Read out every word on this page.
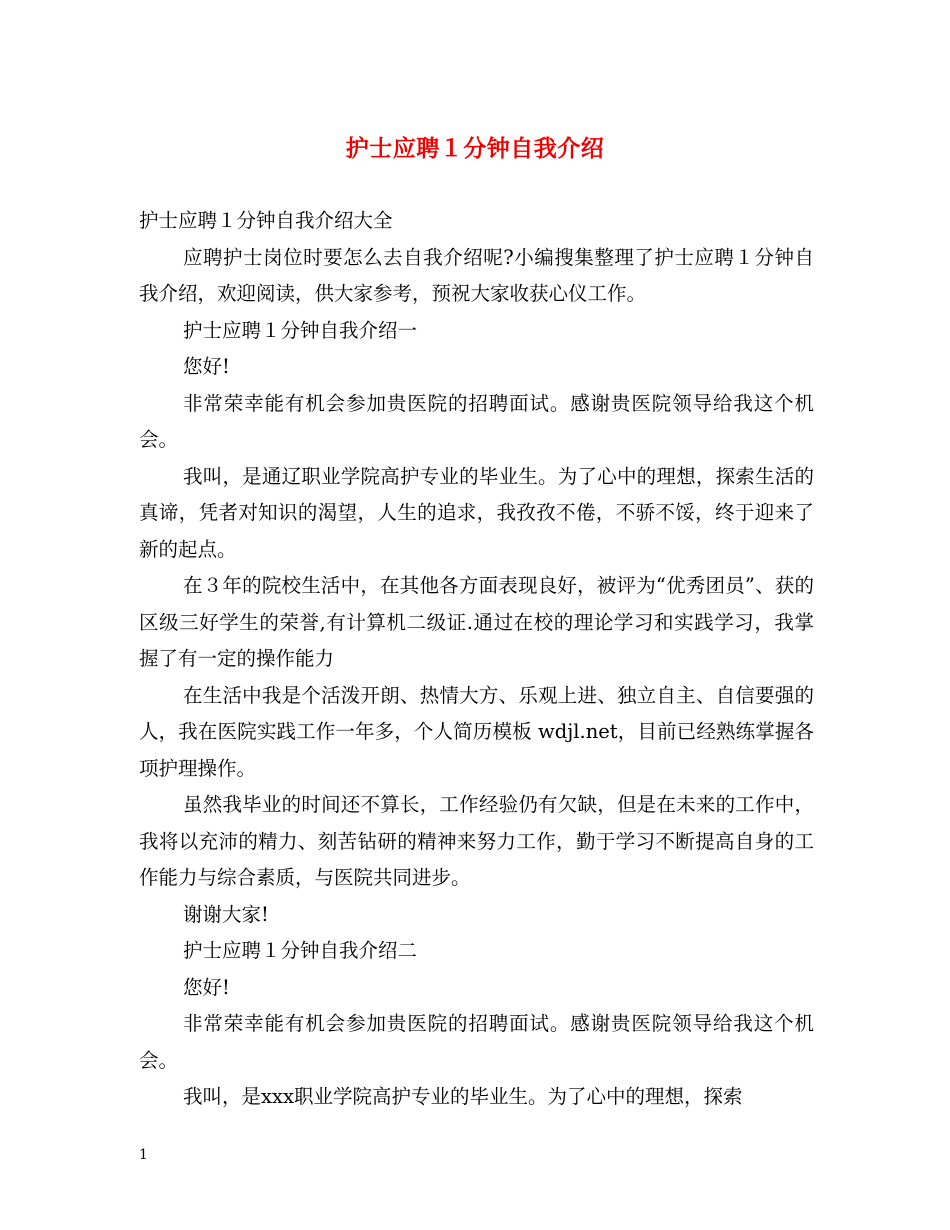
护士应聘１分钟自我介绍

护士应聘１分钟自我介绍大全

应聘护士岗位时要怎么去自我介绍呢?小编搜集整理了护士应聘１分钟自我介绍，欢迎阅读，供大家参考，预祝大家收获心仪工作。

护士应聘１分钟自我介绍一

您好!

非常荣幸能有机会参加贵医院的招聘面试。感谢贵医院领导给我这个机会。

我叫，是通辽职业学院高护专业的毕业生。为了心中的理想，探索生活的真谛，凭者对知识的渴望，人生的追求，我孜孜不倦，不骄不馁，终于迎来了新的起点。

在３年的院校生活中，在其他各方面表现良好，被评为“优秀团员”、获的区级三好学生的荣誉,有计算机二级证.通过在校的理论学习和实践学习，我掌握了有一定的操作能力

在生活中我是个活泼开朗、热情大方、乐观上进、独立自主、自信要强的人，我在医院实践工作一年多，个人简历模板 wdjl.net，目前已经熟练掌握各项护理操作。

虽然我毕业的时间还不算长，工作经验仍有欠缺，但是在未来的工作中，我将以充沛的精力、刻苦钻研的精神来努力工作，勤于学习不断提高自身的工作能力与综合素质，与医院共同进步。

谢谢大家!

护士应聘１分钟自我介绍二

您好!

非常荣幸能有机会参加贵医院的招聘面试。感谢贵医院领导给我这个机会。

我叫，是xxx职业学院高护专业的毕业生。为了心中的理想，探索

1
